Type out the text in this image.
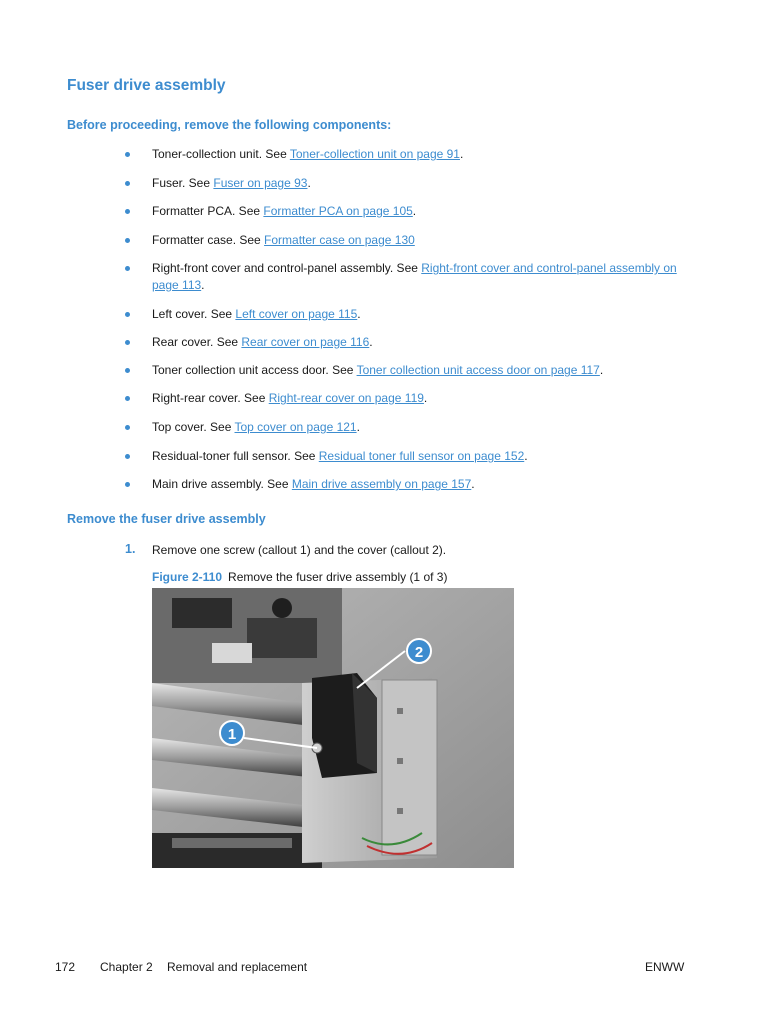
Fuser drive assembly
Before proceeding, remove the following components:
Toner-collection unit. See Toner-collection unit on page 91.
Fuser. See Fuser on page 93.
Formatter PCA. See Formatter PCA on page 105.
Formatter case. See Formatter case on page 130
Right-front cover and control-panel assembly. See Right-front cover and control-panel assembly on page 113.
Left cover. See Left cover on page 115.
Rear cover. See Rear cover on page 116.
Toner collection unit access door. See Toner collection unit access door on page 117.
Right-rear cover. See Right-rear cover on page 119.
Top cover. See Top cover on page 121.
Residual-toner full sensor. See Residual toner full sensor on page 152.
Main drive assembly. See Main drive assembly on page 157.
Remove the fuser drive assembly
1. Remove one screw (callout 1) and the cover (callout 2).
Figure 2-110 Remove the fuser drive assembly (1 of 3)
1
2
172 Chapter 2 Removal and replacement	ENWW
